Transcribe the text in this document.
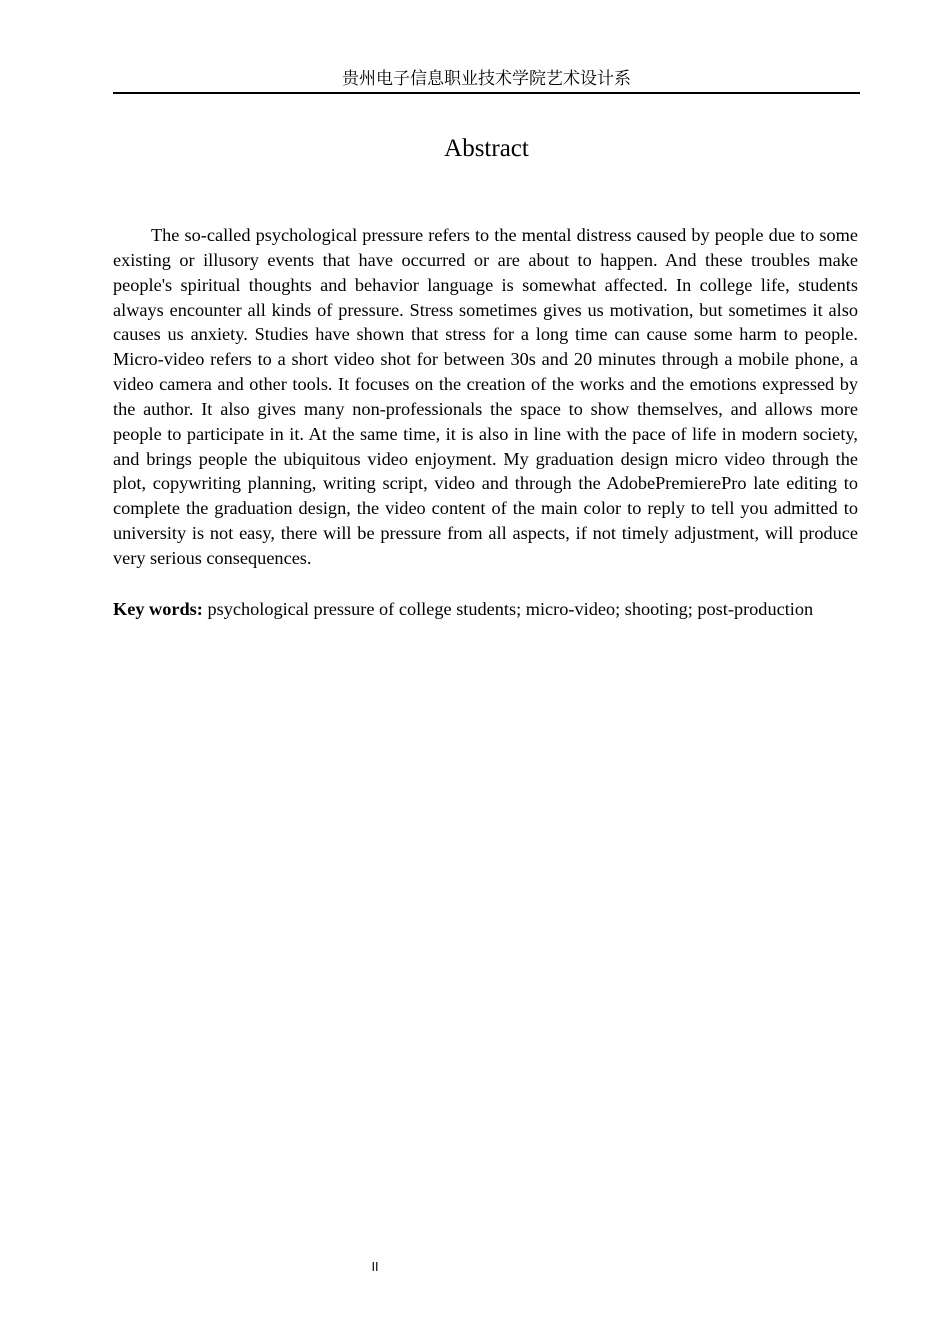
贵州电子信息职业技术学院艺术设计系
Abstract

The so-called psychological pressure refers to the mental distress caused by people due to some existing or illusory events that have occurred or are about to happen. And these troubles make people's spiritual thoughts and behavior language is somewhat affected. In college life, students always encounter all kinds of pressure. Stress sometimes gives us motivation, but sometimes it also causes us anxiety. Studies have shown that stress for a long time can cause some harm to people. Micro-video refers to a short video shot for between 30s and 20 minutes through a mobile phone, a video camera and other tools. It focuses on the creation of the works and the emotions expressed by the author. It also gives many non-professionals the space to show themselves, and allows more people to participate in it. At the same time, it is also in line with the pace of life in modern society, and brings people the ubiquitous video enjoyment. My graduation design micro video through the plot, copywriting planning, writing script, video and through the AdobePremierePro late editing to complete the graduation design, the video content of the main color to reply to tell you admitted to university is not easy, there will be pressure from all aspects, if not timely adjustment, will produce very serious consequences.

Key words: psychological pressure of college students; micro-video; shooting; post-production

II
